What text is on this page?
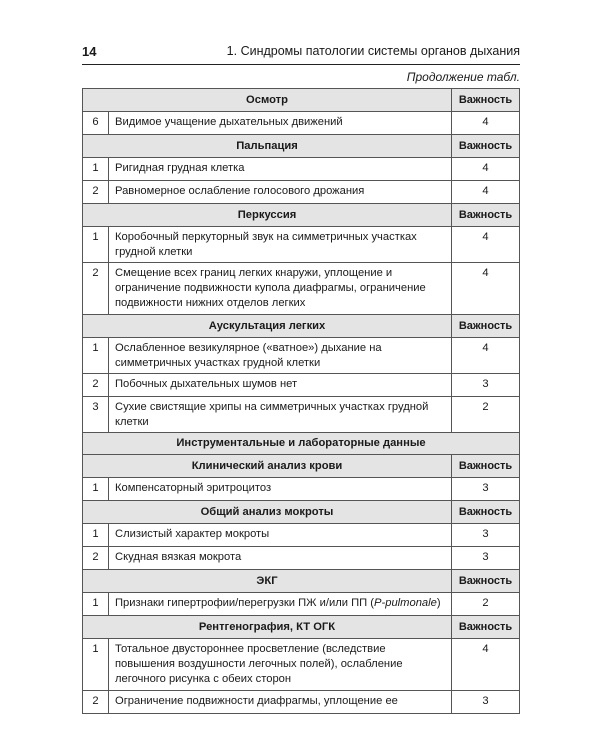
14	1. Синдромы патологии системы органов дыхания
Продолжение табл.
Осмотр		Важность
6	Видимое учащение дыхательных движений	4
Пальпация		Важность
1	Ригидная грудная клетка	4
2	Равномерное ослабление голосового дрожания	4
Перкуссия		Важность
1	Коробочный перкуторный звук на симметричных участках грудной клетки	4
2	Смещение всех границ легких кнаружи, уплощение и ограничение подвижности купола диафрагмы, ограничение подвижности нижних отделов легких	4
Аускультация легких		Важность
1	Ослабленное везикулярное («ватное») дыхание на симметричных участках грудной клетки	4
2	Побочных дыхательных шумов нет	3
3	Сухие свистящие хрипы на симметричных участках грудной клетки	2
Инструментальные и лабораторные данные		
Клинический анализ крови		Важность
1	Компенсаторный эритроцитоз	3
Общий анализ мокроты		Важность
1	Слизистый характер мокроты	3
2	Скудная вязкая мокрота	3
ЭКГ		Важность
1	Признаки гипертрофии/перегрузки ПЖ и/или ПП (P-pulmonale)	2
Рентгенография, КТ ОГК		Важность
1	Тотальное двустороннее просветление (вследствие повышения воздушности легочных полей), ослабление легочного рисунка с обеих сторон	4
2	Ограничение подвижности диафрагмы, уплощение ее	3
